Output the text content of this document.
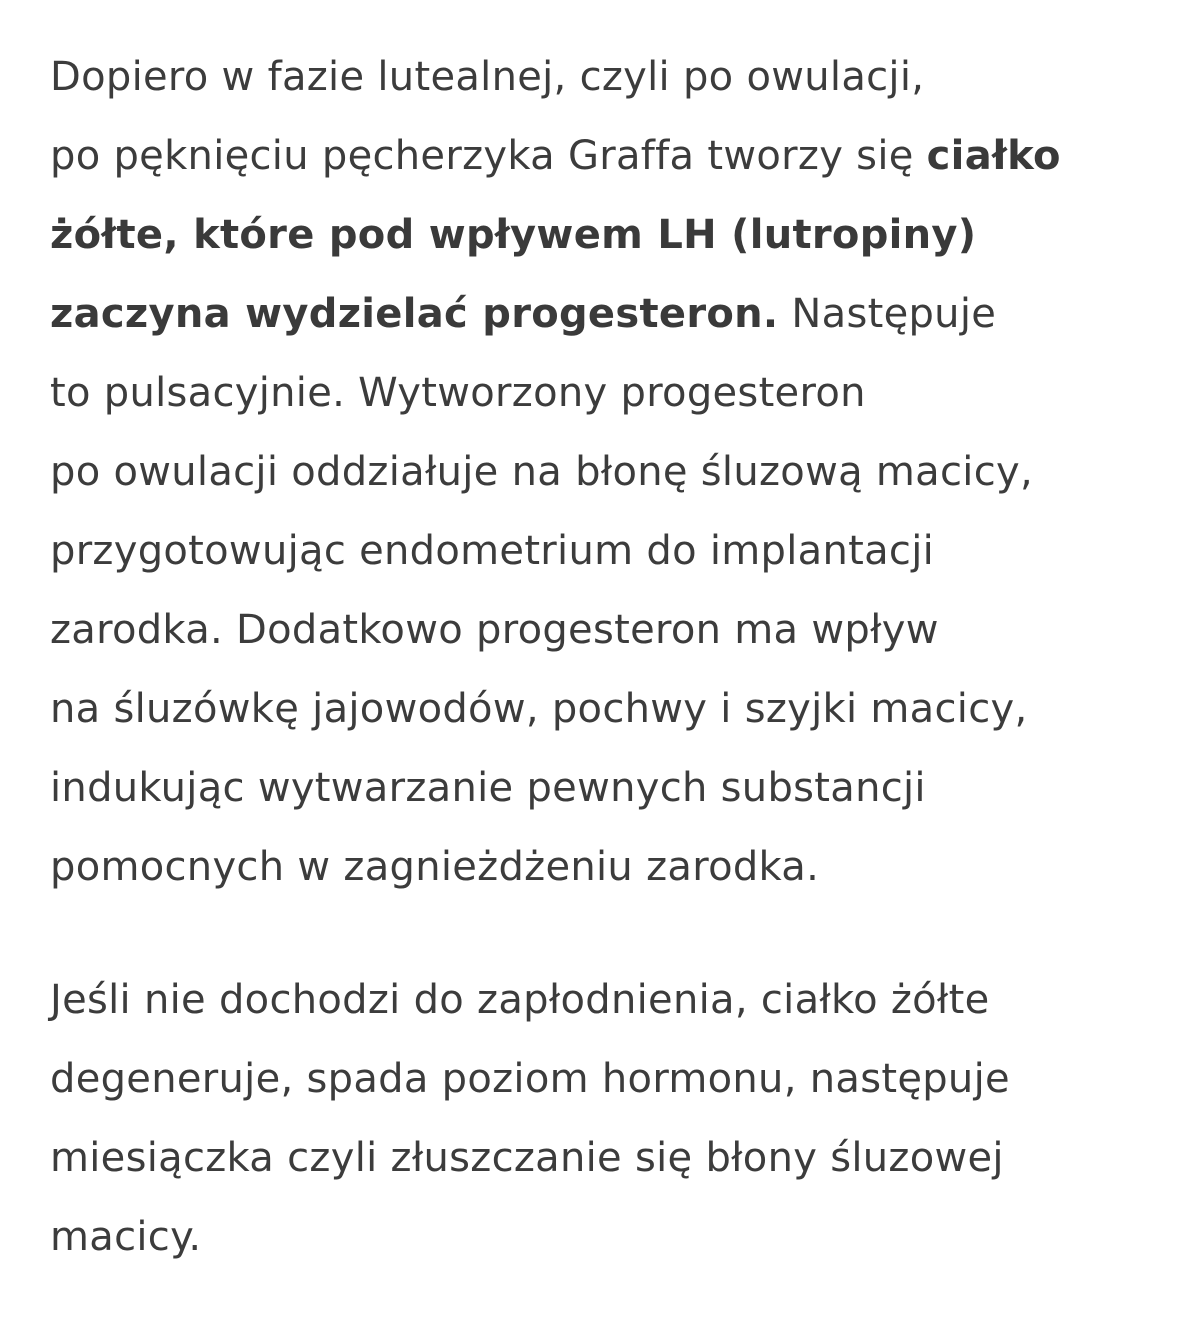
Dopiero w fazie lutealnej, czyli po owulacji,
po pęknięciu pęcherzyka Graffa tworzy się ciałko
żółte, które pod wpływem LH (lutropiny)
zaczyna wydzielać progesteron. Następuje
to pulsacyjnie. Wytworzony progesteron
po owulacji oddziałuje na błonę śluzową macicy,
przygotowując endometrium do implantacji
zarodka. Dodatkowo progesteron ma wpływ
na śluzówkę jajowodów, pochwy i szyjki macicy,
indukując wytwarzanie pewnych substancji
pomocnych w zagnieżdżeniu zarodka.

Jeśli nie dochodzi do zapłodnienia, ciałko żółte
degeneruje, spada poziom hormonu, następuje
miesiączka czyli złuszczanie się błony śluzowej
macicy.
